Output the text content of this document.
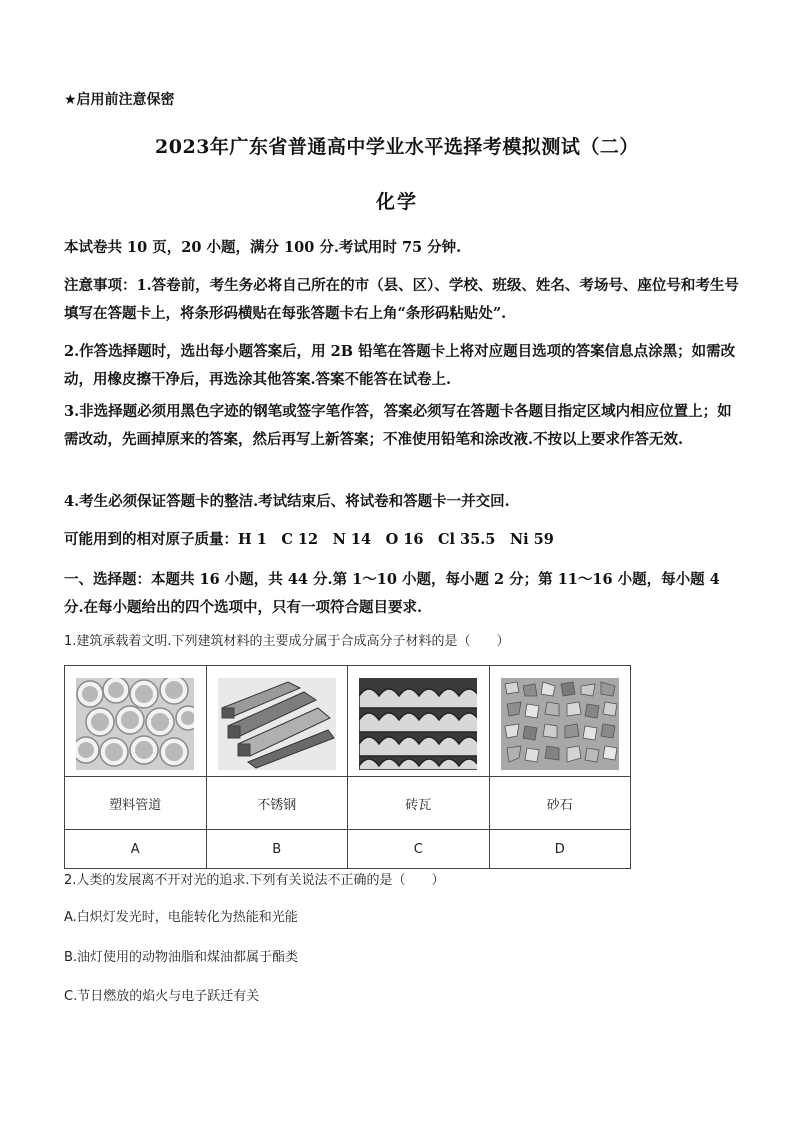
★启用前注意保密
2023年广东省普通高中学业水平选择考模拟测试（二）
化学
本试卷共 10 页，20 小题，满分 100 分.考试用时 75 分钟.
注意事项：1.答卷前，考生务必将自己所在的市（县、区）、学校、班级、姓名、考场号、座位号和考生号填写在答题卡上，将条形码横贴在每张答题卡右上角“条形码粘贴处”.
2.作答选择题时，选出每小题答案后，用 2B 铅笔在答题卡上将对应题目选项的答案信息点涂黑；如需改动，用橡皮擦干净后，再选涂其他答案.答案不能答在试卷上.
3.非选择题必须用黑色字迹的钢笔或签字笔作答，答案必须写在答题卡各题目指定区域内相应位置上；如需改动，先画掉原来的答案，然后再写上新答案；不准使用铅笔和涂改液.不按以上要求作答无效.
4.考生必须保证答题卡的整洁.考试结束后、将试卷和答题卡一并交回.
可能用到的相对原子质量：H 1　C 12　N 14　O 16　Cl 35.5　Ni 59
一、选择题：本题共 16 小题，共 44 分.第 1～10 小题，每小题 2 分；第 11～16 小题，每小题 4 分.在每小题给出的四个选项中，只有一项符合题目要求.
1.建筑承载着文明.下列建筑材料的主要成分属于合成高分子材料的是（　　）

塑料管道	不锈钢	砖瓦	砂石
A	B	C	D
2.人类的发展离不开对光的追求.下列有关说法不正确的是（　　）
A.白炽灯发光时，电能转化为热能和光能
B.油灯使用的动物油脂和煤油都属于酯类
C.节日燃放的焰火与电子跃迁有关
